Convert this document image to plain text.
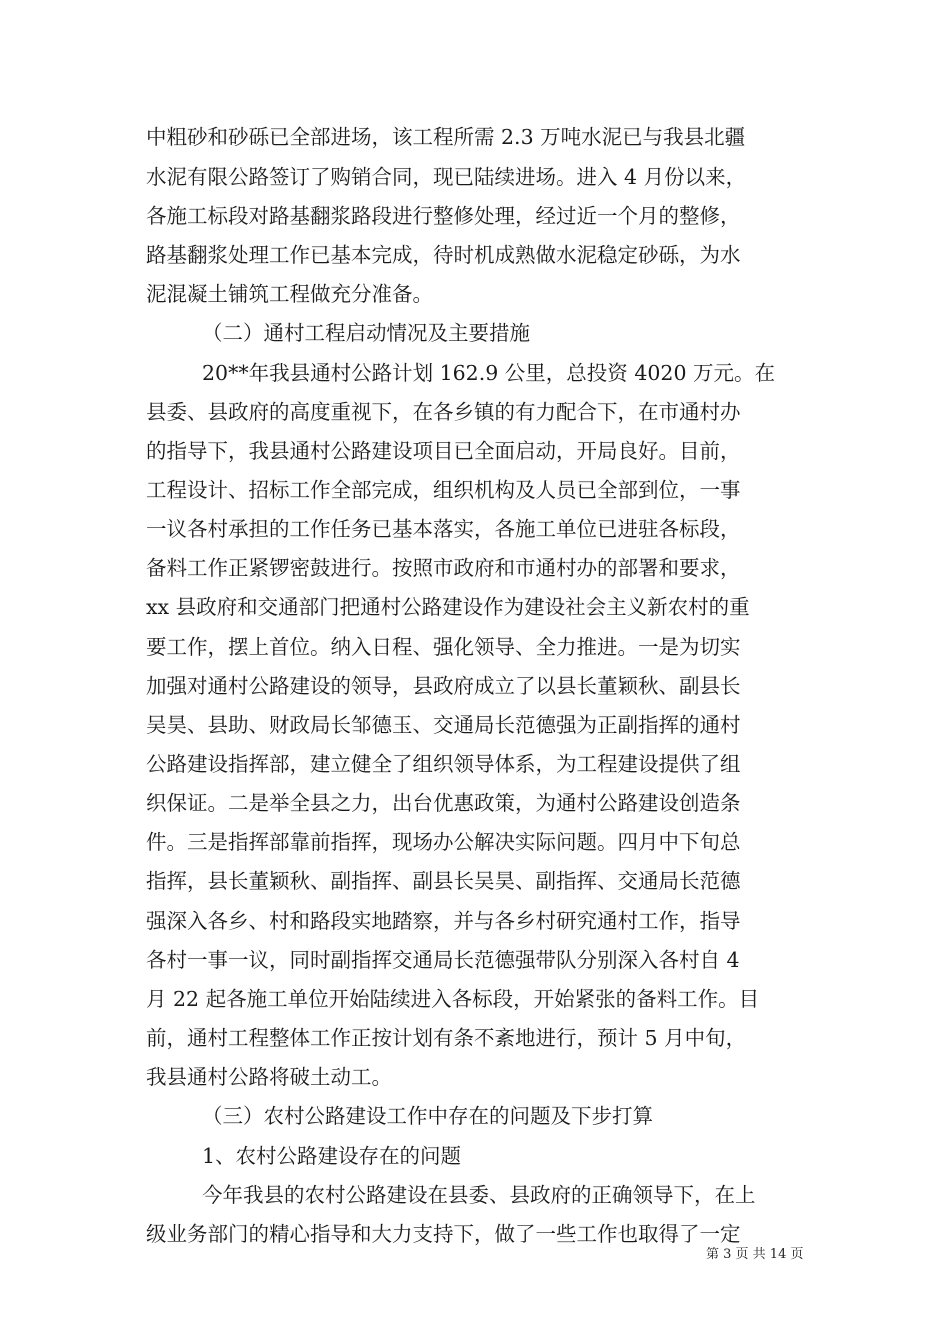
中粗砂和砂砾已全部进场，该工程所需 2.3 万吨水泥已与我县北疆
水泥有限公路签订了购销合同，现已陆续进场。进入 4 月份以来，
各施工标段对路基翻浆路段进行整修处理，经过近一个月的整修，
路基翻浆处理工作已基本完成，待时机成熟做水泥稳定砂砾，为水
泥混凝土铺筑工程做充分准备。
（二）通村工程启动情况及主要措施
20**年我县通村公路计划 162.9 公里，总投资 4020 万元。在
县委、县政府的高度重视下，在各乡镇的有力配合下，在市通村办
的指导下，我县通村公路建设项目已全面启动，开局良好。目前，
工程设计、招标工作全部完成，组织机构及人员已全部到位，一事
一议各村承担的工作任务已基本落实，各施工单位已进驻各标段，
备料工作正紧锣密鼓进行。按照市政府和市通村办的部署和要求，
xx 县政府和交通部门把通村公路建设作为建设社会主义新农村的重
要工作，摆上首位。纳入日程、强化领导、全力推进。一是为切实
加强对通村公路建设的领导，县政府成立了以县长董颖秋、副县长
吴昊、县助、财政局长邹德玉、交通局长范德强为正副指挥的通村
公路建设指挥部，建立健全了组织领导体系，为工程建设提供了组
织保证。二是举全县之力，出台优惠政策，为通村公路建设创造条
件。三是指挥部靠前指挥，现场办公解决实际问题。四月中下旬总
指挥，县长董颖秋、副指挥、副县长吴昊、副指挥、交通局长范德
强深入各乡、村和路段实地踏察，并与各乡村研究通村工作，指导
各村一事一议，同时副指挥交通局长范德强带队分别深入各村自 4
月 22 起各施工单位开始陆续进入各标段，开始紧张的备料工作。目
前，通村工程整体工作正按计划有条不紊地进行，预计 5 月中旬，
我县通村公路将破土动工。
（三）农村公路建设工作中存在的问题及下步打算
1、农村公路建设存在的问题
今年我县的农村公路建设在县委、县政府的正确领导下，在上
级业务部门的精心指导和大力支持下，做了一些工作也取得了一定
第 3 页 共 14 页
